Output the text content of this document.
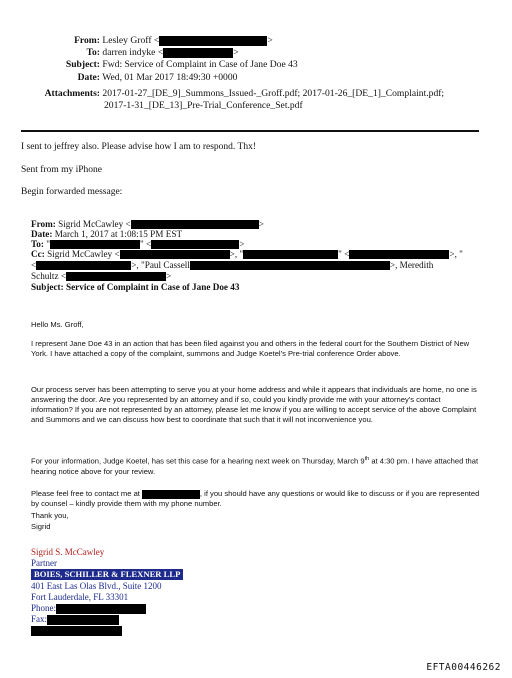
From: Lesley Groff <	>
To: darren indyke <	>
Subject: Fwd: Service of Complaint in Case of Jane Doe 43
Date: Wed, 01 Mar 2017 18:49:30 +0000
Attachments: 2017-01-27_[DE_9]_Summons_Issued-_Groff.pdf; 2017-01-26_[DE_1]_Complaint.pdf;
2017-1-31_[DE_13]_Pre-Trial_Conference_Set.pdf
I sent to jeffrey also. Please advise how I am to respond. Thx!
Sent from my iPhone
Begin forwarded message:
From: Sigrid McCawley <	>
Date: March 1, 2017 at 1:08:15 PM EST
To: "	" <	>
Cc: Sigrid McCawley <	>, "	" <	>, "
<	>, "Paul Cassell	>, Meredith
Schultz <	>
Subject: Service of Complaint in Case of Jane Doe 43
Hello Ms. Groff,
I represent Jane Doe 43 in an action that has been filed against you and others in the federal court for the Southern District of New York. I have attached a copy of the complaint, summons and Judge Koetel's Pre-trial conference Order above.
Our process server has been attempting to serve you at your home address and while it appears that individuals are home, no one is answering the door. Are you represented by an attorney and if so, could you kindly provide me with your attorney's contact information? If you are not represented by an attorney, please let me know if you are willing to accept service of the above Complaint and Summons and we can discuss how best to coordinate that such that it will not inconvenience you.
For your information, Judge Koetel, has set this case for a hearing next week on Thursday, March 9th at 4:30 pm. I have attached that hearing notice above for your review.
Please feel free to contact me at	, if you should have any questions or would like to discuss or if you are represented by counsel – kindly provide them with my phone number.
Thank you,
Sigrid
Sigrid S. McCawley
Partner
BOIES, SCHILLER & FLEXNER LLP
401 East Las Olas Blvd., Suite 1200
Fort Lauderdale, FL 33301
Phone:
Fax:
EFTA00446262
